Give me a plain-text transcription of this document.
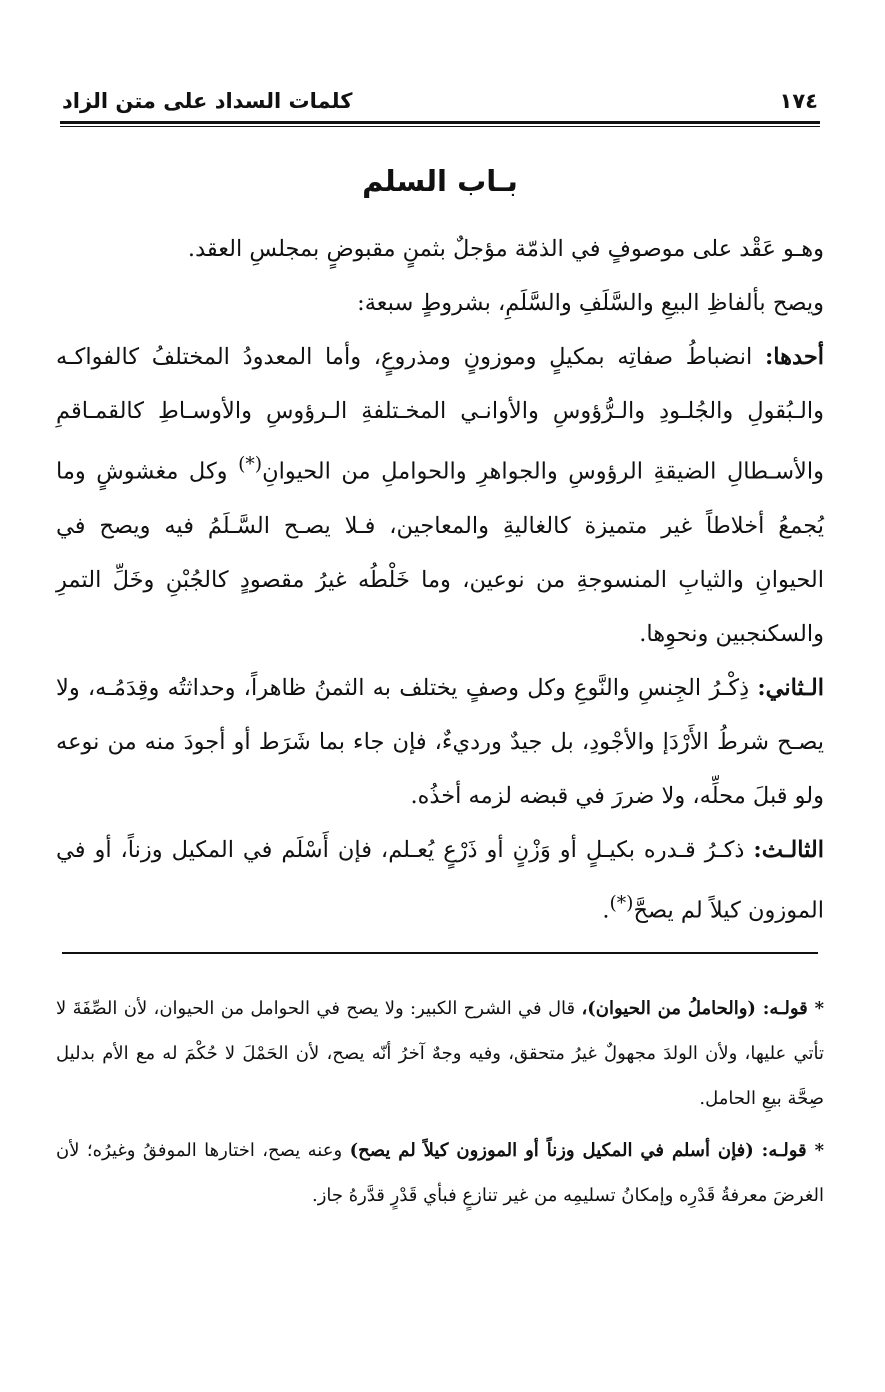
١٧٤
كلمات السداد على متن الزاد
بـاب السلم

وهـو عَقْد على موصوفٍ في الذمّة مؤجلٌ بثمنٍ مقبوضٍ بمجلسِ العقد.

ويصح بألفاظِ البيعِ والسَّلَفِ والسَّلَمِ، بشروطٍ سبعة:

أحدها: انضباطُ صفاتِه بمكيلٍ وموزونٍ ومذروعٍ، وأما المعدودُ المختلفُ كالفواكـه والـبُقولِ والجُلـودِ والـرُّؤوسِ والأوانـي المخـتلفةِ الـرؤوسِ والأوسـاطِ كالقمـاقمِ والأسـطالِ الضيقةِ الرؤوسِ والجواهرِ والحواملِ من الحيوانِ(*) وكل مغشوشٍ وما يُجمعُ أخلاطاً غير متميزة كالغاليةِ والمعاجين، فـلا يصـح السَّـلَمُ فيه ويصح في الحيوانِ والثيابِ المنسوجةِ من نوعين، وما خَلْطُه غيرُ مقصودٍ كالجُبْنِ وخَلِّ التمرِ والسكنجبين ونحوِها.

الـثاني: ذِكْـرُ الجِنسِ والنَّوعِ وكل وصفٍ يختلف به الثمنُ ظاهراً، وحداثتُه وقِدَمُـه، ولا يصـح شرطُ الأَرْدَإ والأجْودِ، بل جيدٌ ورديءٌ، فإن جاء بما شَرَط أو أجودَ منه من نوعه ولو قبلَ محلِّه، ولا ضررَ في قبضه لزمه أخذُه.

الثالـث: ذكـرُ قـدره بكيـلٍ أو وَزْنٍ أو ذَرْعٍ يُعـلم، فإن أَسْلَم في المكيل وزناً، أو في الموزون كيلاً لم يصحَّ(*).

* قولـه: (والحاملُ من الحيوان)، قال في الشرح الكبير: ولا يصح في الحوامل من الحيوان، لأن الصِّفَةَ لا تأتي عليها، ولأن الولدَ مجهولٌ غيرُ متحقق، وفيه وجهٌ آخرُ أنّه يصح، لأن الحَمْلَ لا حُكْمَ له مع الأم بدليل صِحَّة بيعِ الحامل.

* قولـه: (فإن أسلم في المكيل وزناً أو الموزون كيلاً لم يصح) وعنه يصح، اختارها الموفقُ وغيرُه؛ لأن الغرضَ معرفةُ قَدْرِه وإمكانُ تسليمِه من غير تنازعٍ فبأي قَدْرٍ قدَّرهُ جاز.
